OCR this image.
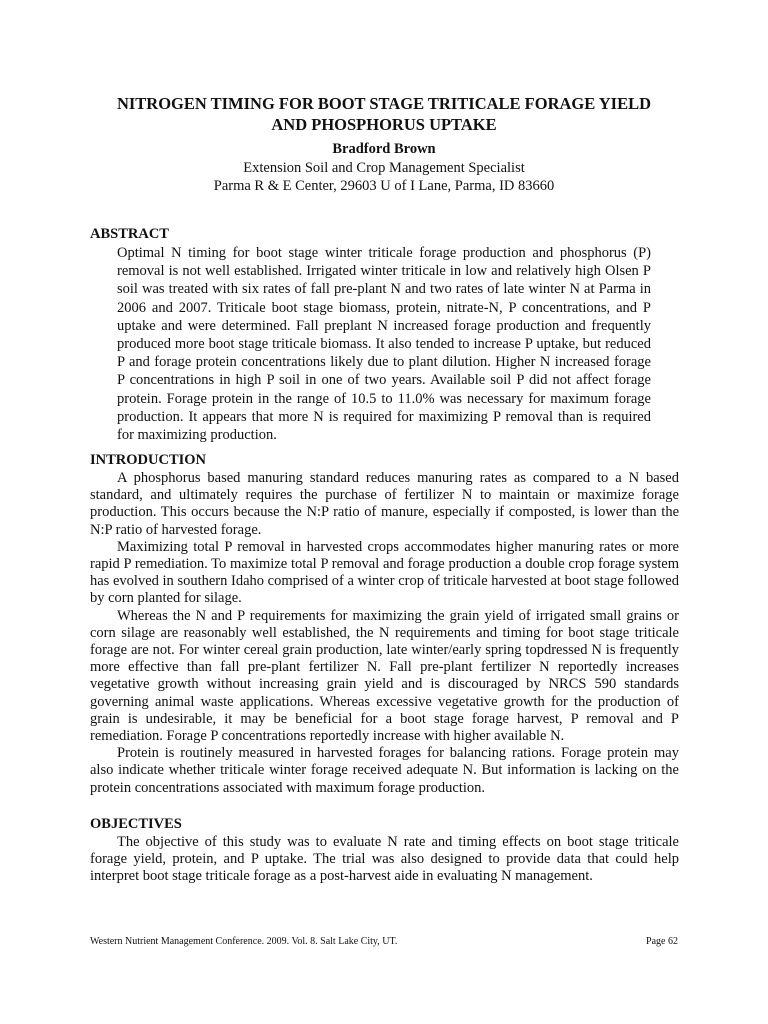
NITROGEN TIMING FOR BOOT STAGE TRITICALE FORAGE YIELD
AND PHOSPHORUS UPTAKE
Bradford Brown
Extension Soil and Crop Management Specialist
Parma R & E Center, 29603 U of I Lane, Parma, ID 83660
ABSTRACT
Optimal N timing for boot stage winter triticale forage production and phosphorus (P) removal is not well established. Irrigated winter triticale in low and relatively high Olsen P soil was treated with six rates of fall pre-plant N and two rates of late winter N at Parma in 2006 and 2007. Triticale boot stage biomass, protein, nitrate-N, P concentrations, and P uptake and were determined. Fall preplant N increased forage production and frequently produced more boot stage triticale biomass. It also tended to increase P uptake, but reduced P and forage protein concentrations likely due to plant dilution. Higher N increased forage P concentrations in high P soil in one of two years. Available soil P did not affect forage protein. Forage protein in the range of 10.5 to 11.0% was necessary for maximum forage production. It appears that more N is required for maximizing P removal than is required for maximizing production.
INTRODUCTION

A phosphorus based manuring standard reduces manuring rates as compared to a N based standard, and ultimately requires the purchase of fertilizer N to maintain or maximize forage production. This occurs because the N:P ratio of manure, especially if composted, is lower than the N:P ratio of harvested forage.

Maximizing total P removal in harvested crops accommodates higher manuring rates or more rapid P remediation. To maximize total P removal and forage production a double crop forage system has evolved in southern Idaho comprised of a winter crop of triticale harvested at boot stage followed by corn planted for silage.

Whereas the N and P requirements for maximizing the grain yield of irrigated small grains or corn silage are reasonably well established, the N requirements and timing for boot stage triticale forage are not. For winter cereal grain production, late winter/early spring topdressed N is frequently more effective than fall pre-plant fertilizer N. Fall pre-plant fertilizer N reportedly increases vegetative growth without increasing grain yield and is discouraged by NRCS 590 standards governing animal waste applications. Whereas excessive vegetative growth for the production of grain is undesirable, it may be beneficial for a boot stage forage harvest, P removal and P remediation. Forage P concentrations reportedly increase with higher available N.

Protein is routinely measured in harvested forages for balancing rations. Forage protein may also indicate whether triticale winter forage received adequate N. But information is lacking on the protein concentrations associated with maximum forage production.

OBJECTIVES

The objective of this study was to evaluate N rate and timing effects on boot stage triticale forage yield, protein, and P uptake. The trial was also designed to provide data that could help interpret boot stage triticale forage as a post-harvest aide in evaluating N management.

Western Nutrient Management Conference. 2009. Vol. 8. Salt Lake City, UT.	Page 62
